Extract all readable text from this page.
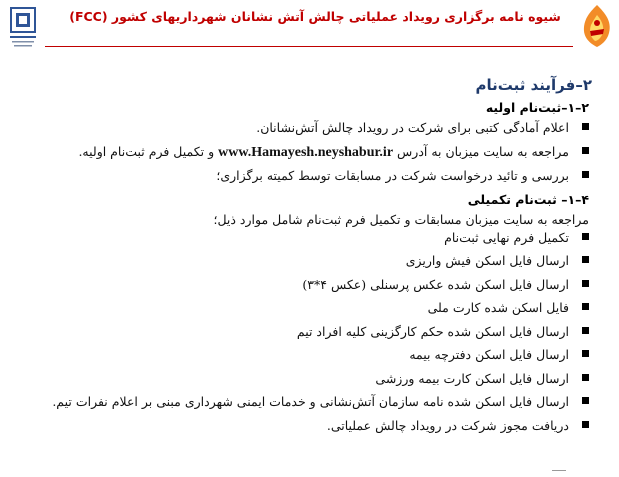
شیوه نامه برگزاری رویداد عملیاتی چالش آتش نشانان شهرداریهای کشور (FCC)
۲–فرآیند ثبت‌نام
۲–۱–ثبت‌نام اولیه
اعلام آمادگی کتبی برای شرکت در رویداد چالش آتش‌نشانان.
مراجعه به سایت میزبان به آدرس www.Hamayesh.neyshabur.ir و تکمیل فرم ثبت‌نام اولیه.
بررسی و تائید درخواست شرکت در مسابقات توسط کمیته برگزاری؛
۴–۱– ثبت‌نام تکمیلی
مراجعه به سایت میزبان مسابقات و تکمیل فرم ثبت‌نام شامل موارد ذیل؛
تکمیل فرم نهایی ثبت‌نام
ارسال فایل اسکن فیش واریزی
ارسال فایل اسکن شده عکس پرسنلی (عکس ۴*۳)
فایل اسکن شده کارت ملی
ارسال فایل اسکن شده حکم کارگزینی کلیه افراد تیم
ارسال فایل اسکن دفترچه بیمه
ارسال فایل اسکن کارت بیمه ورزشی
ارسال فایل اسکن شده نامه سازمان آتش‌نشانی و خدمات ایمنی شهرداری مبنی بر اعلام نفرات تیم.
دریافت مجوز شرکت در رویداد چالش عملیاتی.
